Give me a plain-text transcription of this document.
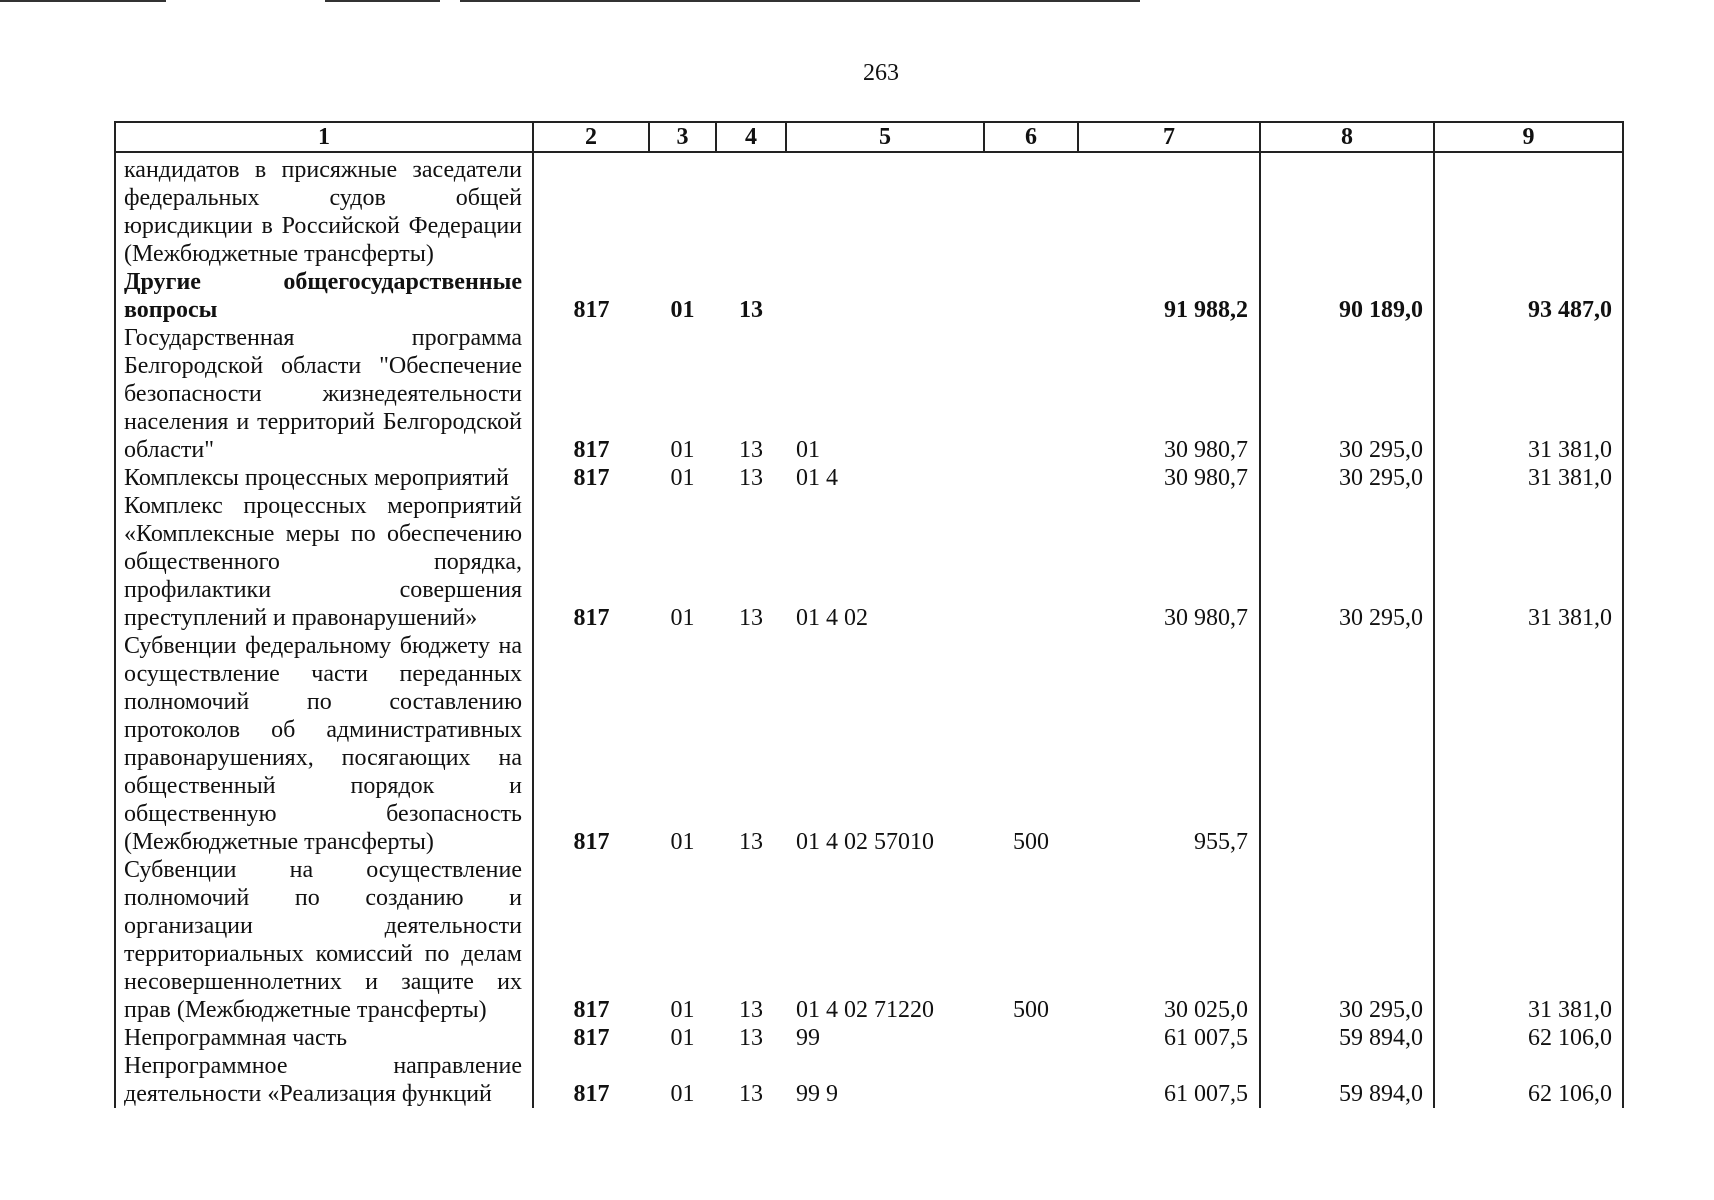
263
1	2	3	4	5	6	7	8	9

кандидатов в присяжные заседатели федеральных судов общей юрисдикции в Российской Федерации (Межбюджетные трансферты)								
Другие общегосударственные вопросы	817	01	13			91 988,2	90 189,0	93 487,0
Государственная программа Белгородской области "Обеспечение безопасности жизнедеятельности населения и территорий Белгородской области"	817	01	13	01		30 980,7	30 295,0	31 381,0
Комплексы процессных мероприятий	817	01	13	01 4		30 980,7	30 295,0	31 381,0
Комплекс процессных мероприятий «Комплексные меры по обеспечению общественного порядка, профилактики совершения преступлений и правонарушений»	817	01	13	01 4 02		30 980,7	30 295,0	31 381,0
Субвенции федеральному бюджету на осуществление части переданных полномочий по составлению протоколов об административных правонарушениях, посягающих на общественный порядок и общественную безопасность (Межбюджетные трансферты)	817	01	13	01 4 02 57010	500	955,7		
Субвенции на осуществление полномочий по созданию и организации деятельности территориальных комиссий по делам несовершеннолетних и защите их прав (Межбюджетные трансферты)	817	01	13	01 4 02 71220	500	30 025,0	30 295,0	31 381,0
Непрограммная часть	817	01	13	99		61 007,5	59 894,0	62 106,0
Непрограммное направление деятельности «Реализация функций	817	01	13	99 9		61 007,5	59 894,0	62 106,0
